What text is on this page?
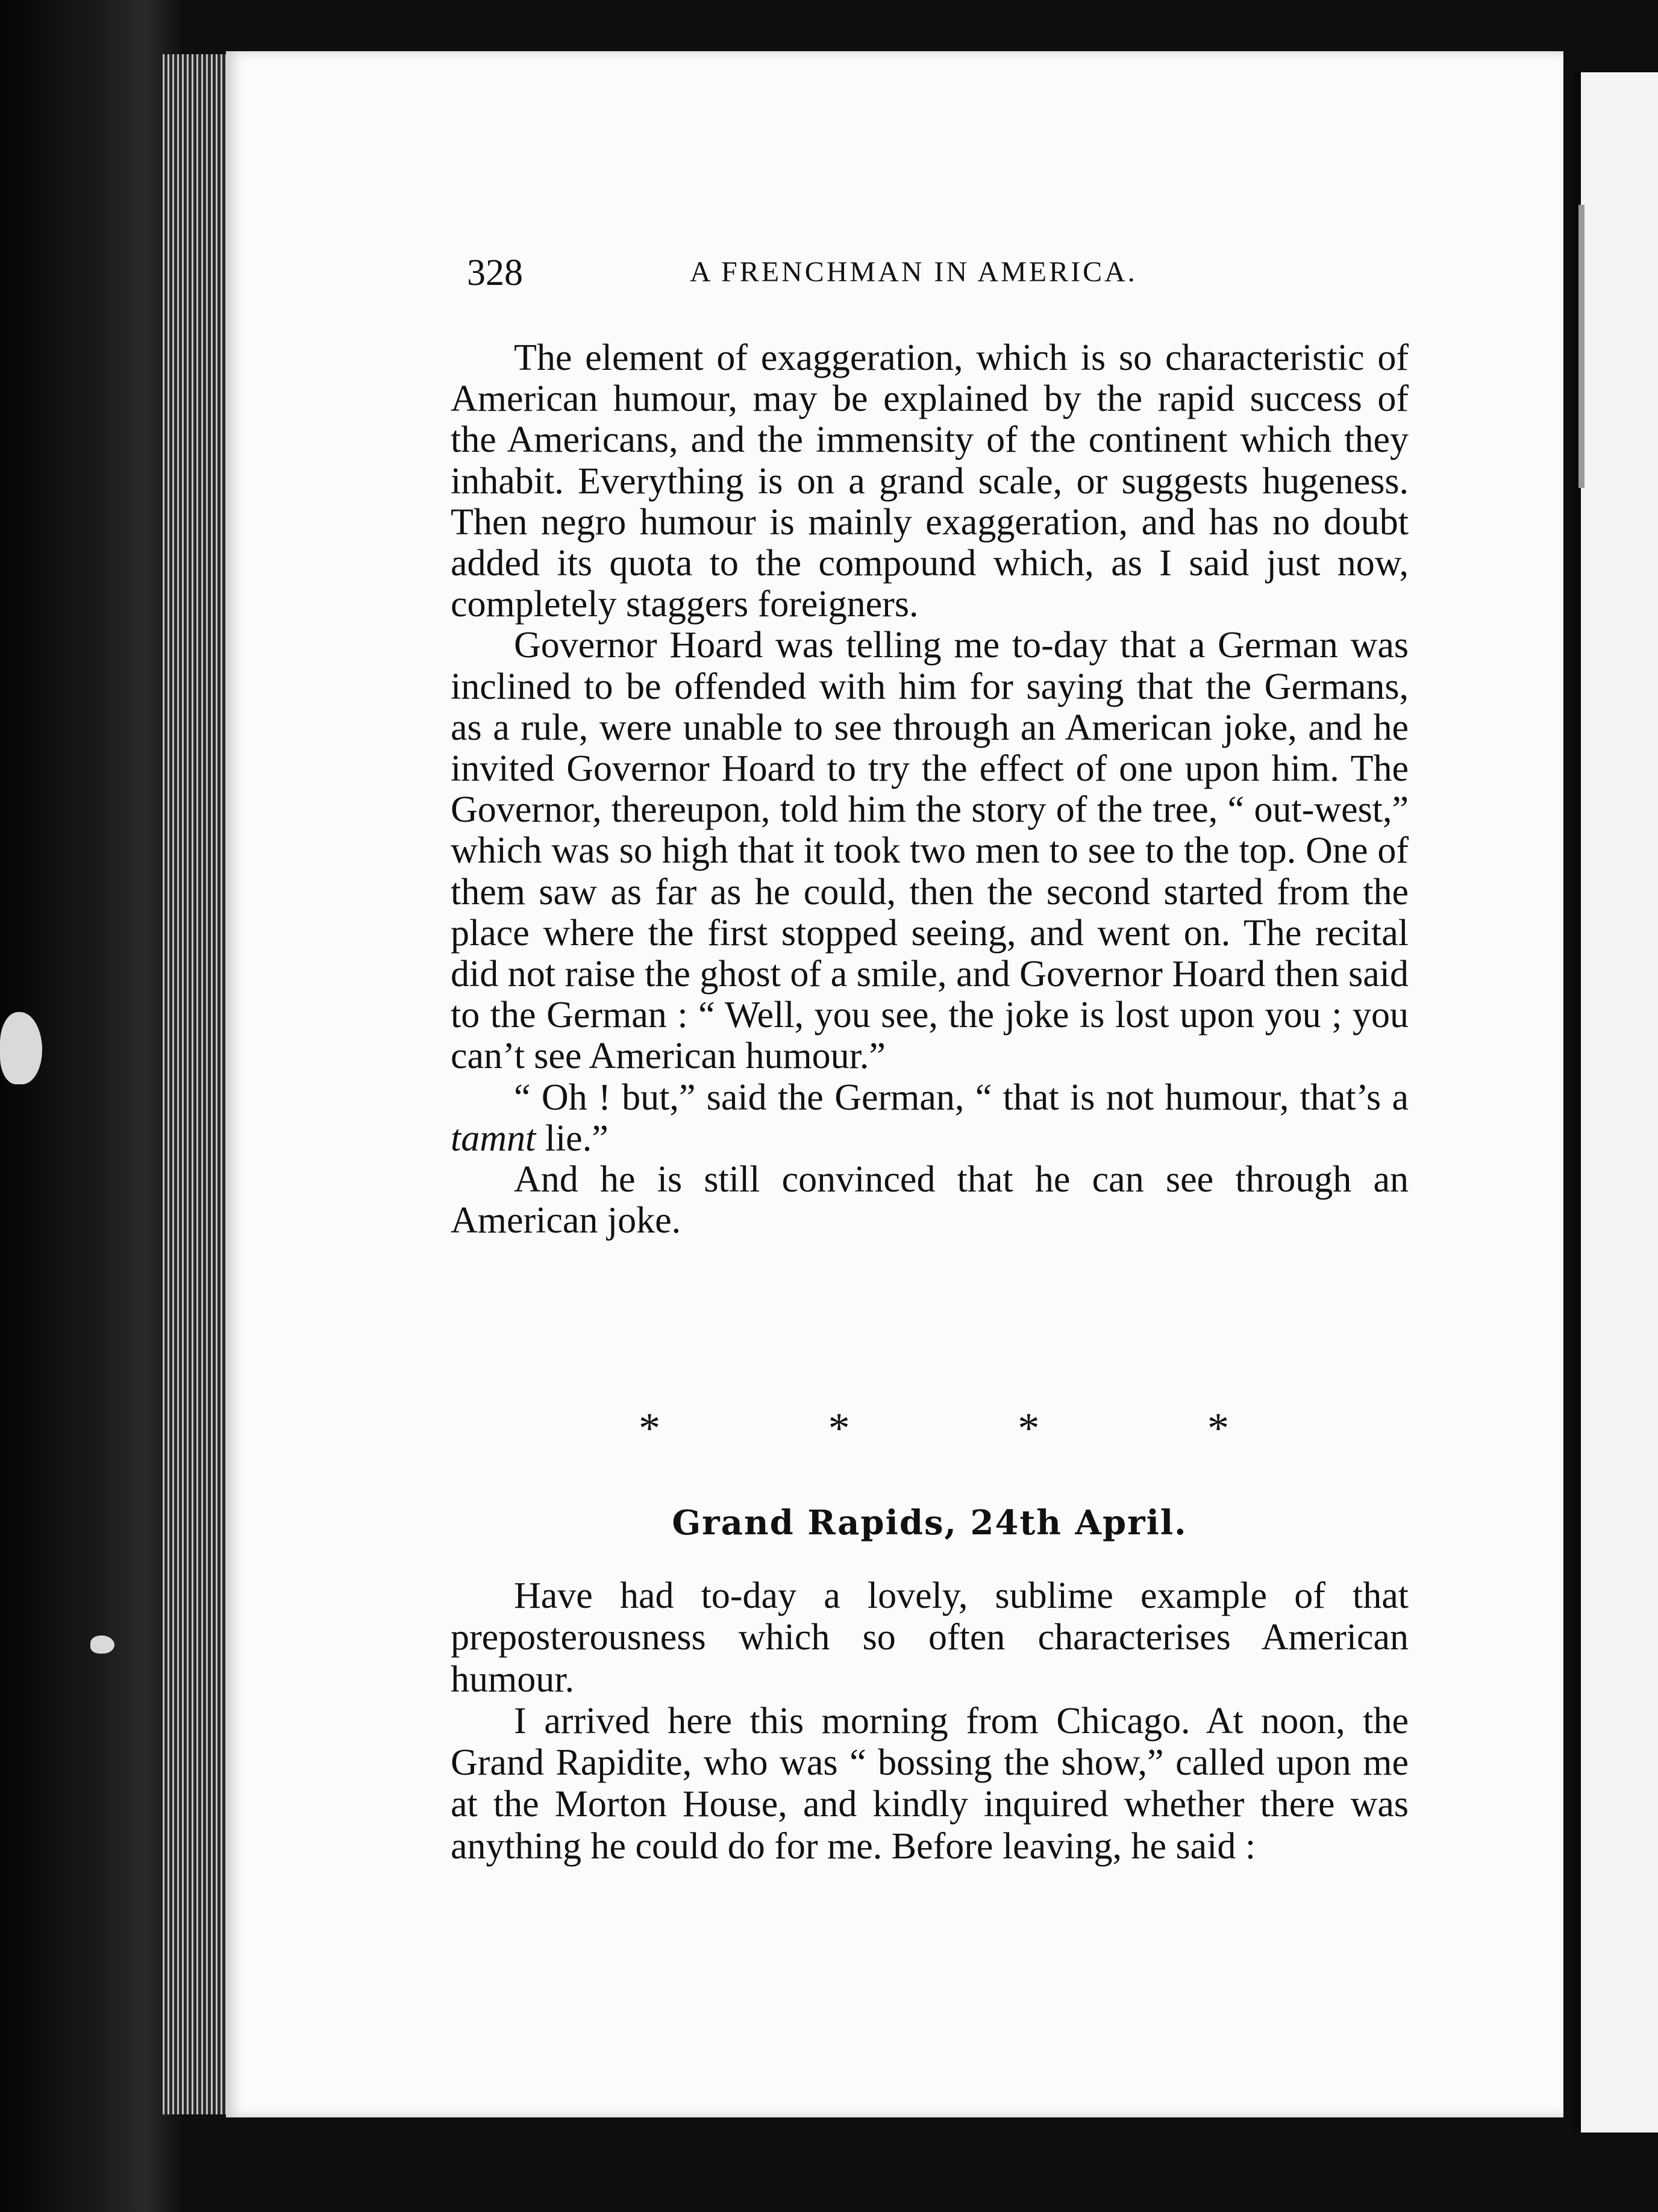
328	A FRENCHMAN IN AMERICA.

The element of exaggeration, which is so characteristic of American humour, may be explained by the rapid success of the Americans, and the immensity of the continent which they inhabit. Everything is on a grand scale, or suggests hugeness. Then negro humour is mainly exaggeration, and has no doubt added its quota to the compound which, as I said just now, completely staggers foreigners.

Governor Hoard was telling me to-day that a German was inclined to be offended with him for saying that the Germans, as a rule, were unable to see through an American joke, and he invited Governor Hoard to try the effect of one upon him. The Governor, thereupon, told him the story of the tree, “ out-west,” which was so high that it took two men to see to the top. One of them saw as far as he could, then the second started from the place where the first stopped seeing, and went on. The recital did not raise the ghost of a smile, and Governor Hoard then said to the German : “ Well, you see, the joke is lost upon you ; you can’t see American humour.”

“ Oh ! but,” said the German, “ that is not humour, that’s a tamnt lie.”

And he is still convinced that he can see through an American joke.

*	*	*	*
Grand Rapids, 24th April.

Have had to-day a lovely, sublime example of that preposterousness which so often characterises American humour.

I arrived here this morning from Chicago. At noon, the Grand Rapidite, who was “ bossing the show,” called upon me at the Morton House, and kindly inquired whether there was anything he could do for me. Before leaving, he said :
